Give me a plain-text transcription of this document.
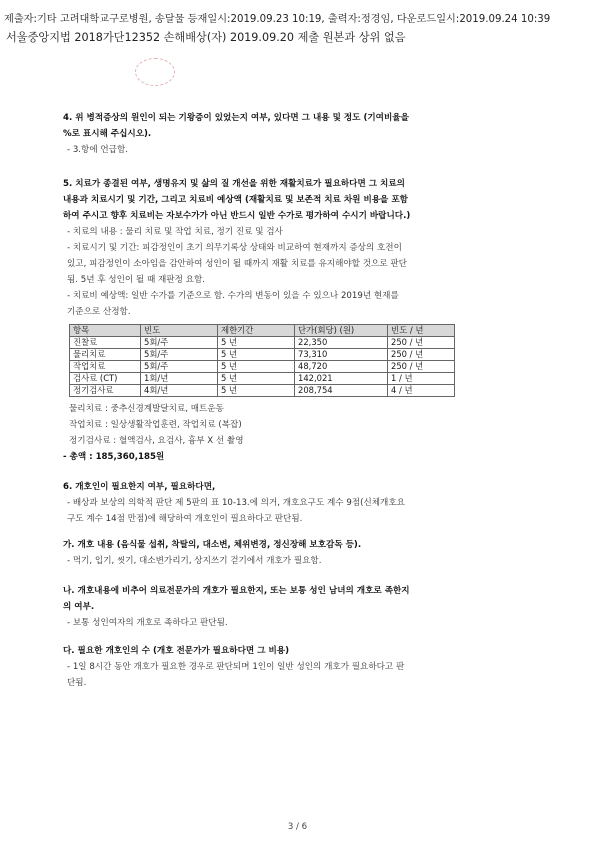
제출자:기타 고려대학교구로병원, 송달물 등재일시:2019.09.23 10:19, 출력자:정경임, 다운로드일시:2019.09.24 10:39
서울중앙지법 2018가단12352 손해배상(자) 2019.09.20 제출 원본과 상위 없음
4. 위 병적증상의 원인이 되는 기왕증이 있었는지 여부, 있다면 그 내용 및 정도 (기여비율을
%로 표시해 주십시오).
- 3.항에 언급함.
5. 치료가 종결된 여부, 생명유지 및 삶의 질 개선을 위한 재활치료가 필요하다면 그 치료의
내용과 치료시기 및 기간, 그리고 치료비 예상액 (재활치료 및 보존적 치료 차원 비용을 포함
하여 주시고 향후 치료비는 자보수가가 아닌 반드시 일반 수가로 평가하여 수시기 바랍니다.)
- 치료의 내용 : 물리 치료 및 작업 치료, 정기 진료 및 검사
- 치료시기 및 기간: 피감정인이 초기 의무기록상 상태와 비교하여 현재까지 증상의 호전이
있고, 피감정인이 소아임을 감안하여 성인이 될 때까지 재활 치료를 유지해야할 것으로 판단
됨. 5년 후 성인이 될 때 재판정 요함.
- 치료비 예상액: 일반 수가를 기준으로 함. 수가의 변동이 있을 수 있으나 2019년 현재를
기준으로 산정함.
항목	빈도	제한기간	단가(회당) (원)	빈도 / 년
진찰료	5회/주	5 년	22,350	250 / 년
물리치료	5회/주	5 년	73,310	250 / 년
작업치료	5회/주	5 년	48,720	250 / 년
검사료 (CT)	1회/년	5 년	142,021	1 / 년
정기검사료	4회/년	5 년	208,754	4 / 년
물리치료 : 중추신경계발달치료, 매트운동
작업치료 : 일상생활작업훈련, 작업치료 (복잡)
정기검사료 : 혈액검사, 요검사, 흉부 X 선 촬영
- 총액 : 185,360,185원
6. 개호인이 필요한지 여부, 필요하다면,
- 배상과 보상의 의학적 판단 제 5판의 표 10-13.에 의거, 개호요구도 계수 9점(신체개호요
구도 계수 14점 만점)에 해당하여 개호인이 필요하다고 판단됨.
가. 개호 내용 (음식물 섭취, 착탈의, 대소변, 체위변경, 정신장해 보호감독 등).
- 먹기, 입기, 씻기, 대소변가리기, 상지쓰기 걷기에서 개호가 필요함.
나. 개호내용에 비추어 의료전문가의 개호가 필요한지, 또는 보통 성인 남녀의 개호로 족한지
의 여부.
- 보통 성인여자의 개호로 족하다고 판단됨.
다. 필요한 개호인의 수 (개호 전문가가 필요하다면 그 비용)
- 1일 8시간 동안 개호가 필요한 경우로 판단되며 1인이 일반 성인의 개호가 필요하다고 판
단됨.
3 / 6
